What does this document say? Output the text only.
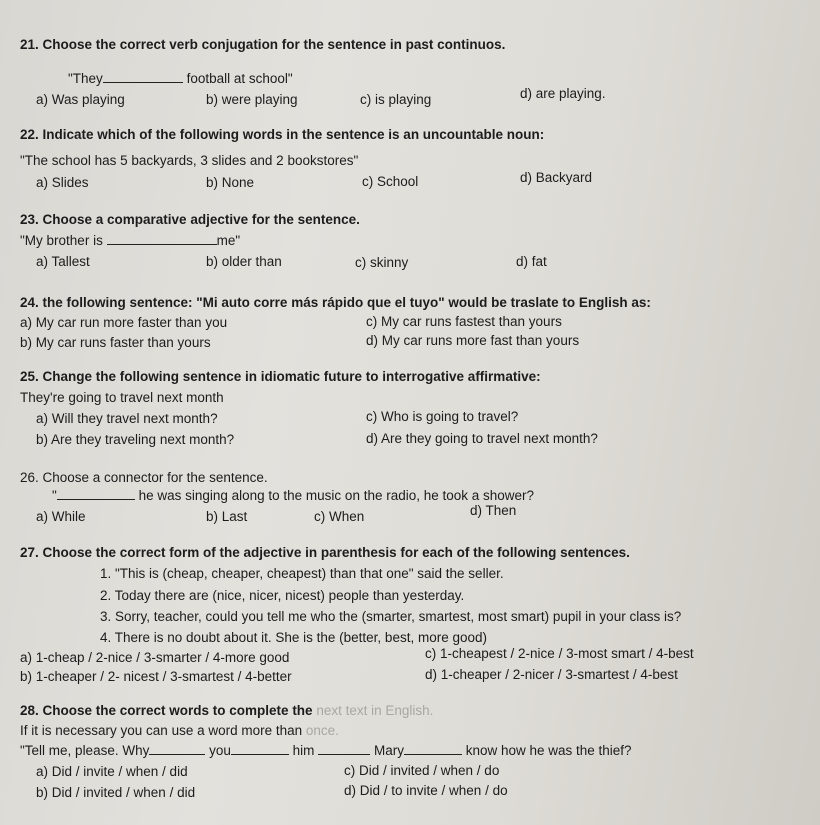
21. Choose the correct verb conjugation for the sentence in past continuos.
"They	football at school"
a) Was playing	b) were playing	c) is playing	d) are playing.
22. Indicate which of the following words in the sentence is an uncountable noun:
"The school has 5 backyards, 3 slides and 2 bookstores"
a) Slides	b) None	c) School	d) Backyard
23. Choose a comparative adjective for the sentence.
"My brother is	me"
a) Tallest	b) older than	c) skinny	d) fat
24. the following sentence: "Mi auto corre más rápido que el tuyo" would be traslate to English as:
a) My car run more faster than you	c) My car runs fastest than yours
b) My car runs faster than yours	d) My car runs more fast than yours
25. Change the following sentence in idiomatic future to interrogative affirmative:
They're going to travel next month
a) Will they travel next month?	c) Who is going to travel?
b) Are they traveling next month?	d) Are they going to travel next month?
26. Choose a connector for the sentence.
"	he was singing along to the music on the radio, he took a shower?
a) While	b) Last	c) When	d) Then
27. Choose the correct form of the adjective in parenthesis for each of the following sentences.
1. "This is (cheap, cheaper, cheapest) than that one" said the seller.
2. Today there are (nice, nicer, nicest) people than yesterday.
3. Sorry, teacher, could you tell me who the (smarter, smartest, most smart) pupil in your class is?
4. There is no doubt about it. She is the (better, best, more good)
a) 1-cheap / 2-nice / 3-smarter / 4-more good	c) 1-cheapest / 2-nice / 3-most smart / 4-best
b) 1-cheaper / 2- nicest / 3-smartest / 4-better	d) 1-cheaper / 2-nicer / 3-smartest / 4-best
28. Choose the correct words to complete the next text in English.
If it is necessary you can use a word more than once.
"Tell me, please. Why	you	him	Mary	know how he was the thief?
a) Did / invite / when / did	c) Did / invited / when / do
b) Did / invited / when / did	d) Did / to invite / when / do
